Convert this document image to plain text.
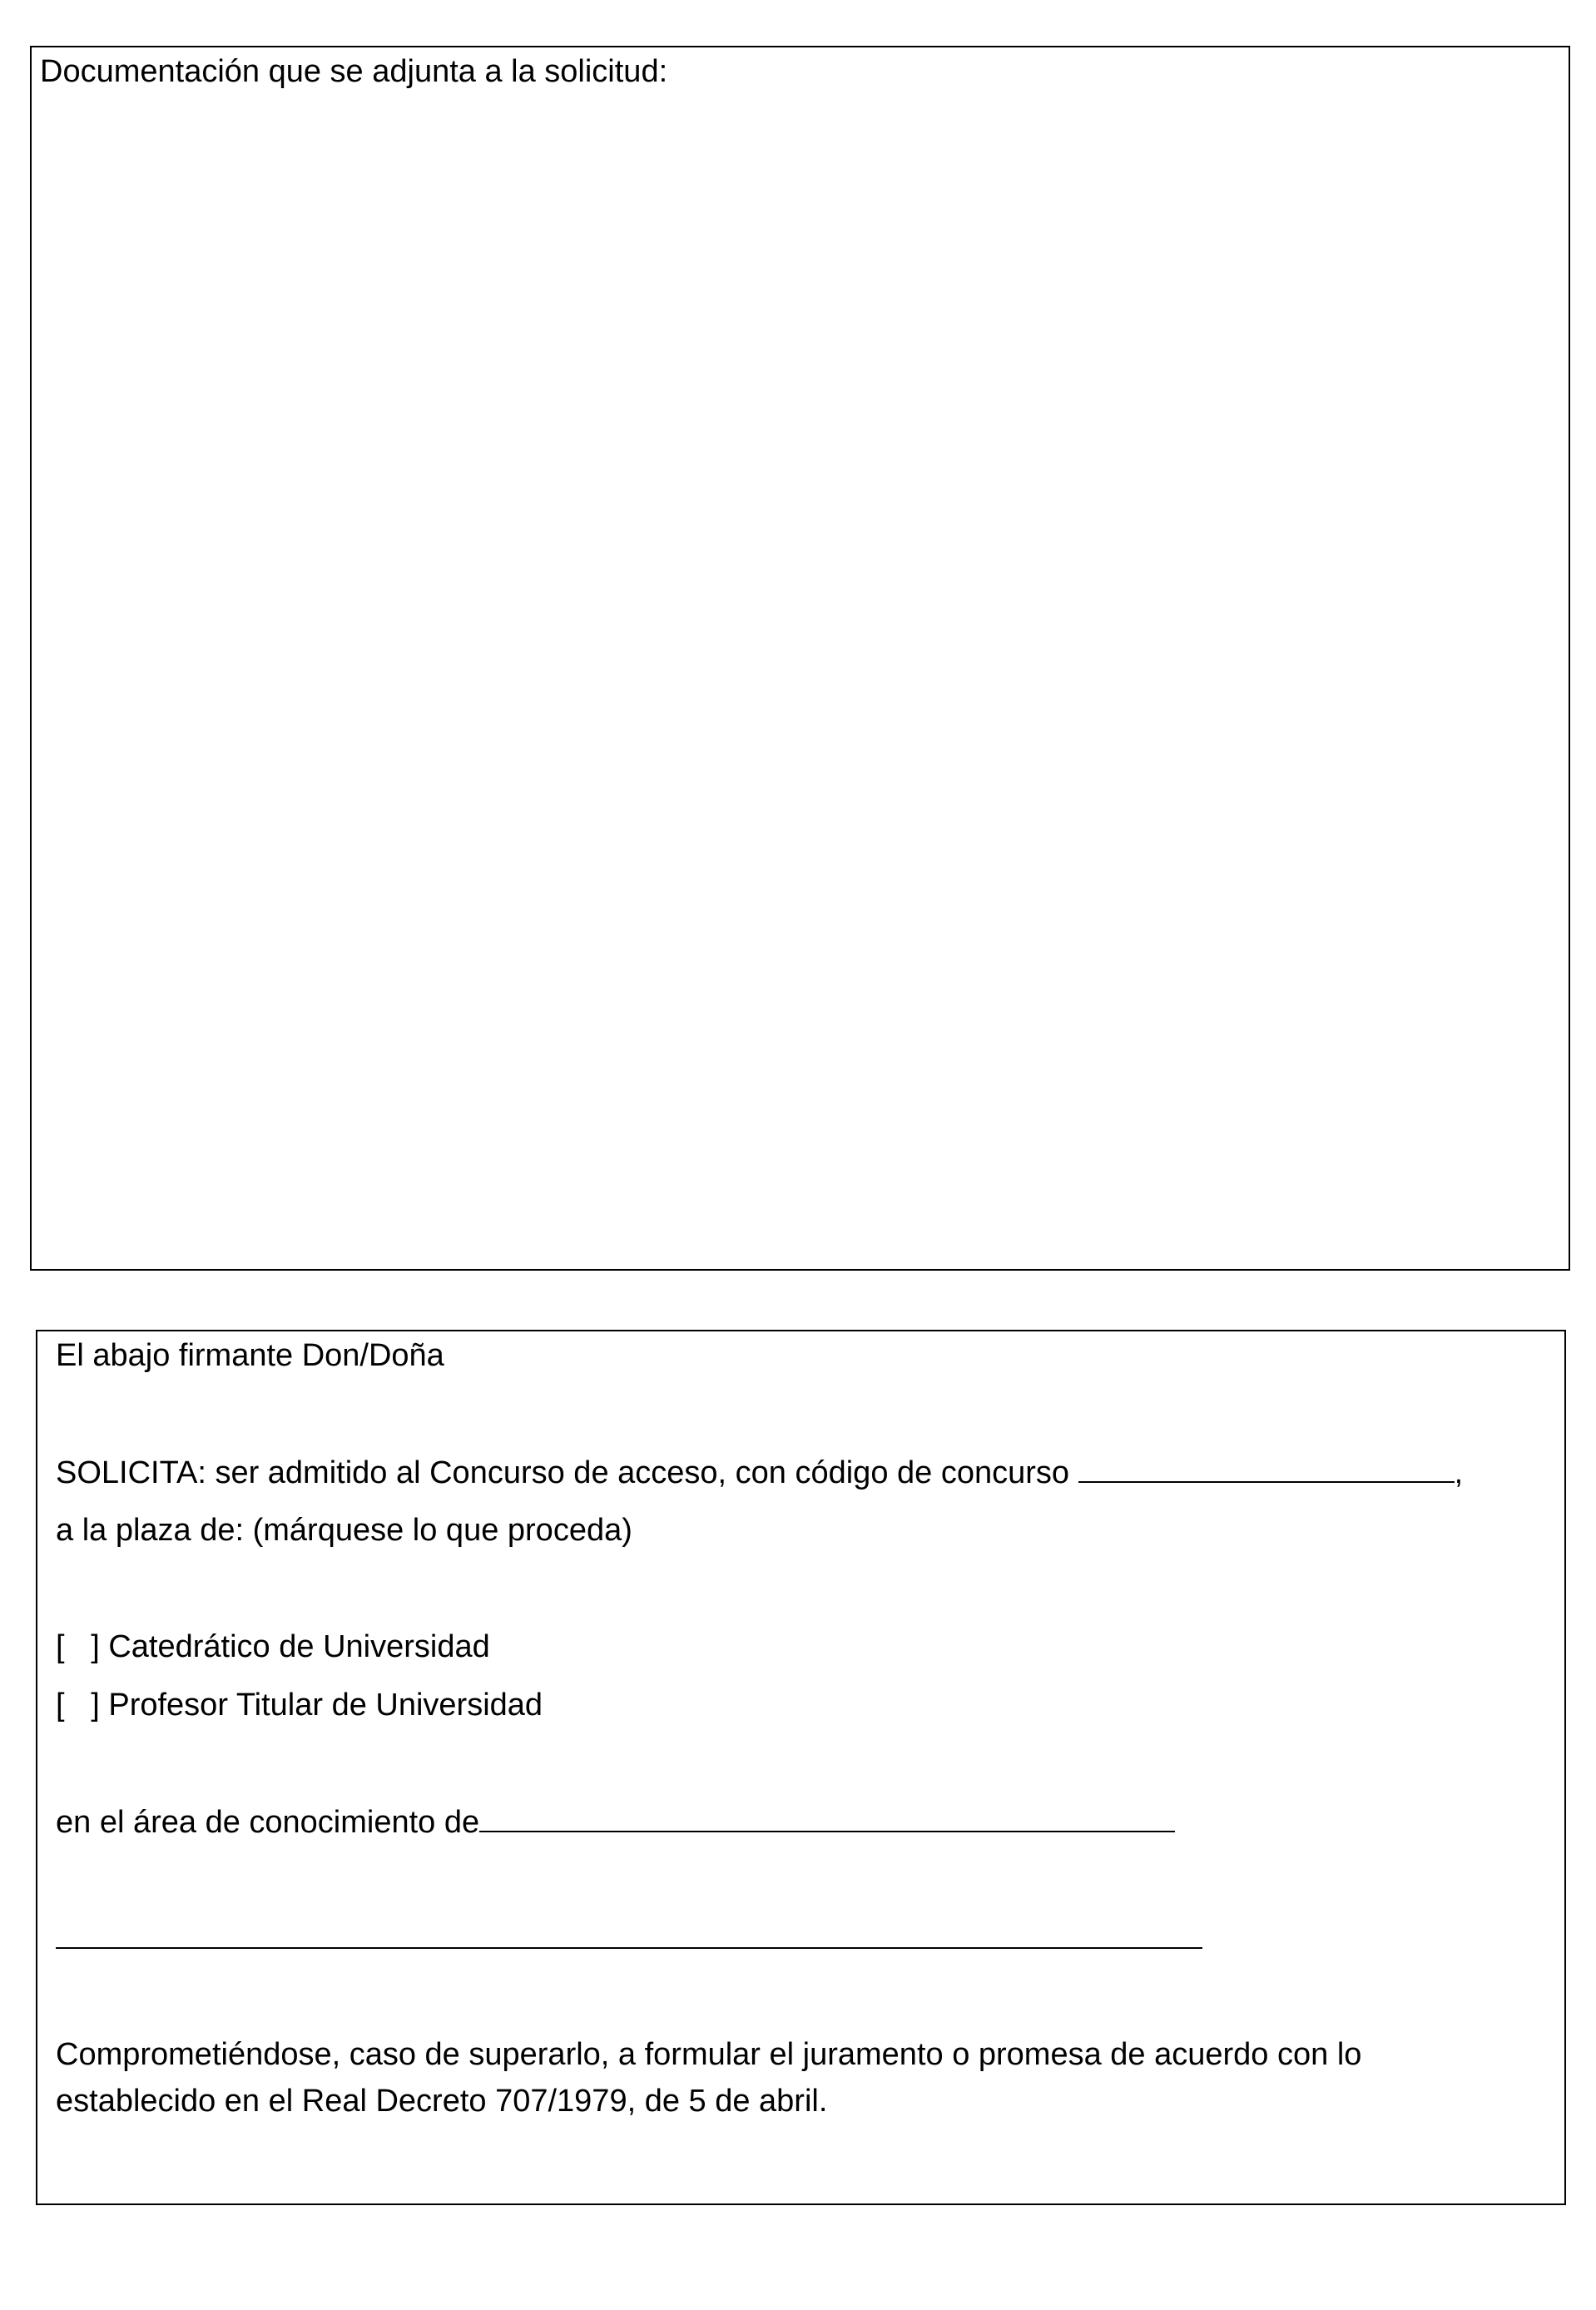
Documentación que se adjunta a la solicitud:
El abajo firmante Don/Doña
SOLICITA: ser admitido al Concurso de acceso, con código de concurso	,
a la plaza de: (márquese lo que proceda)
[   ] Catedrático de Universidad
[   ] Profesor Titular de Universidad
en el área de conocimiento de
Comprometiéndose, caso de superarlo, a formular el juramento o promesa de acuerdo con lo
establecido en el Real Decreto 707/1979, de 5 de abril.
